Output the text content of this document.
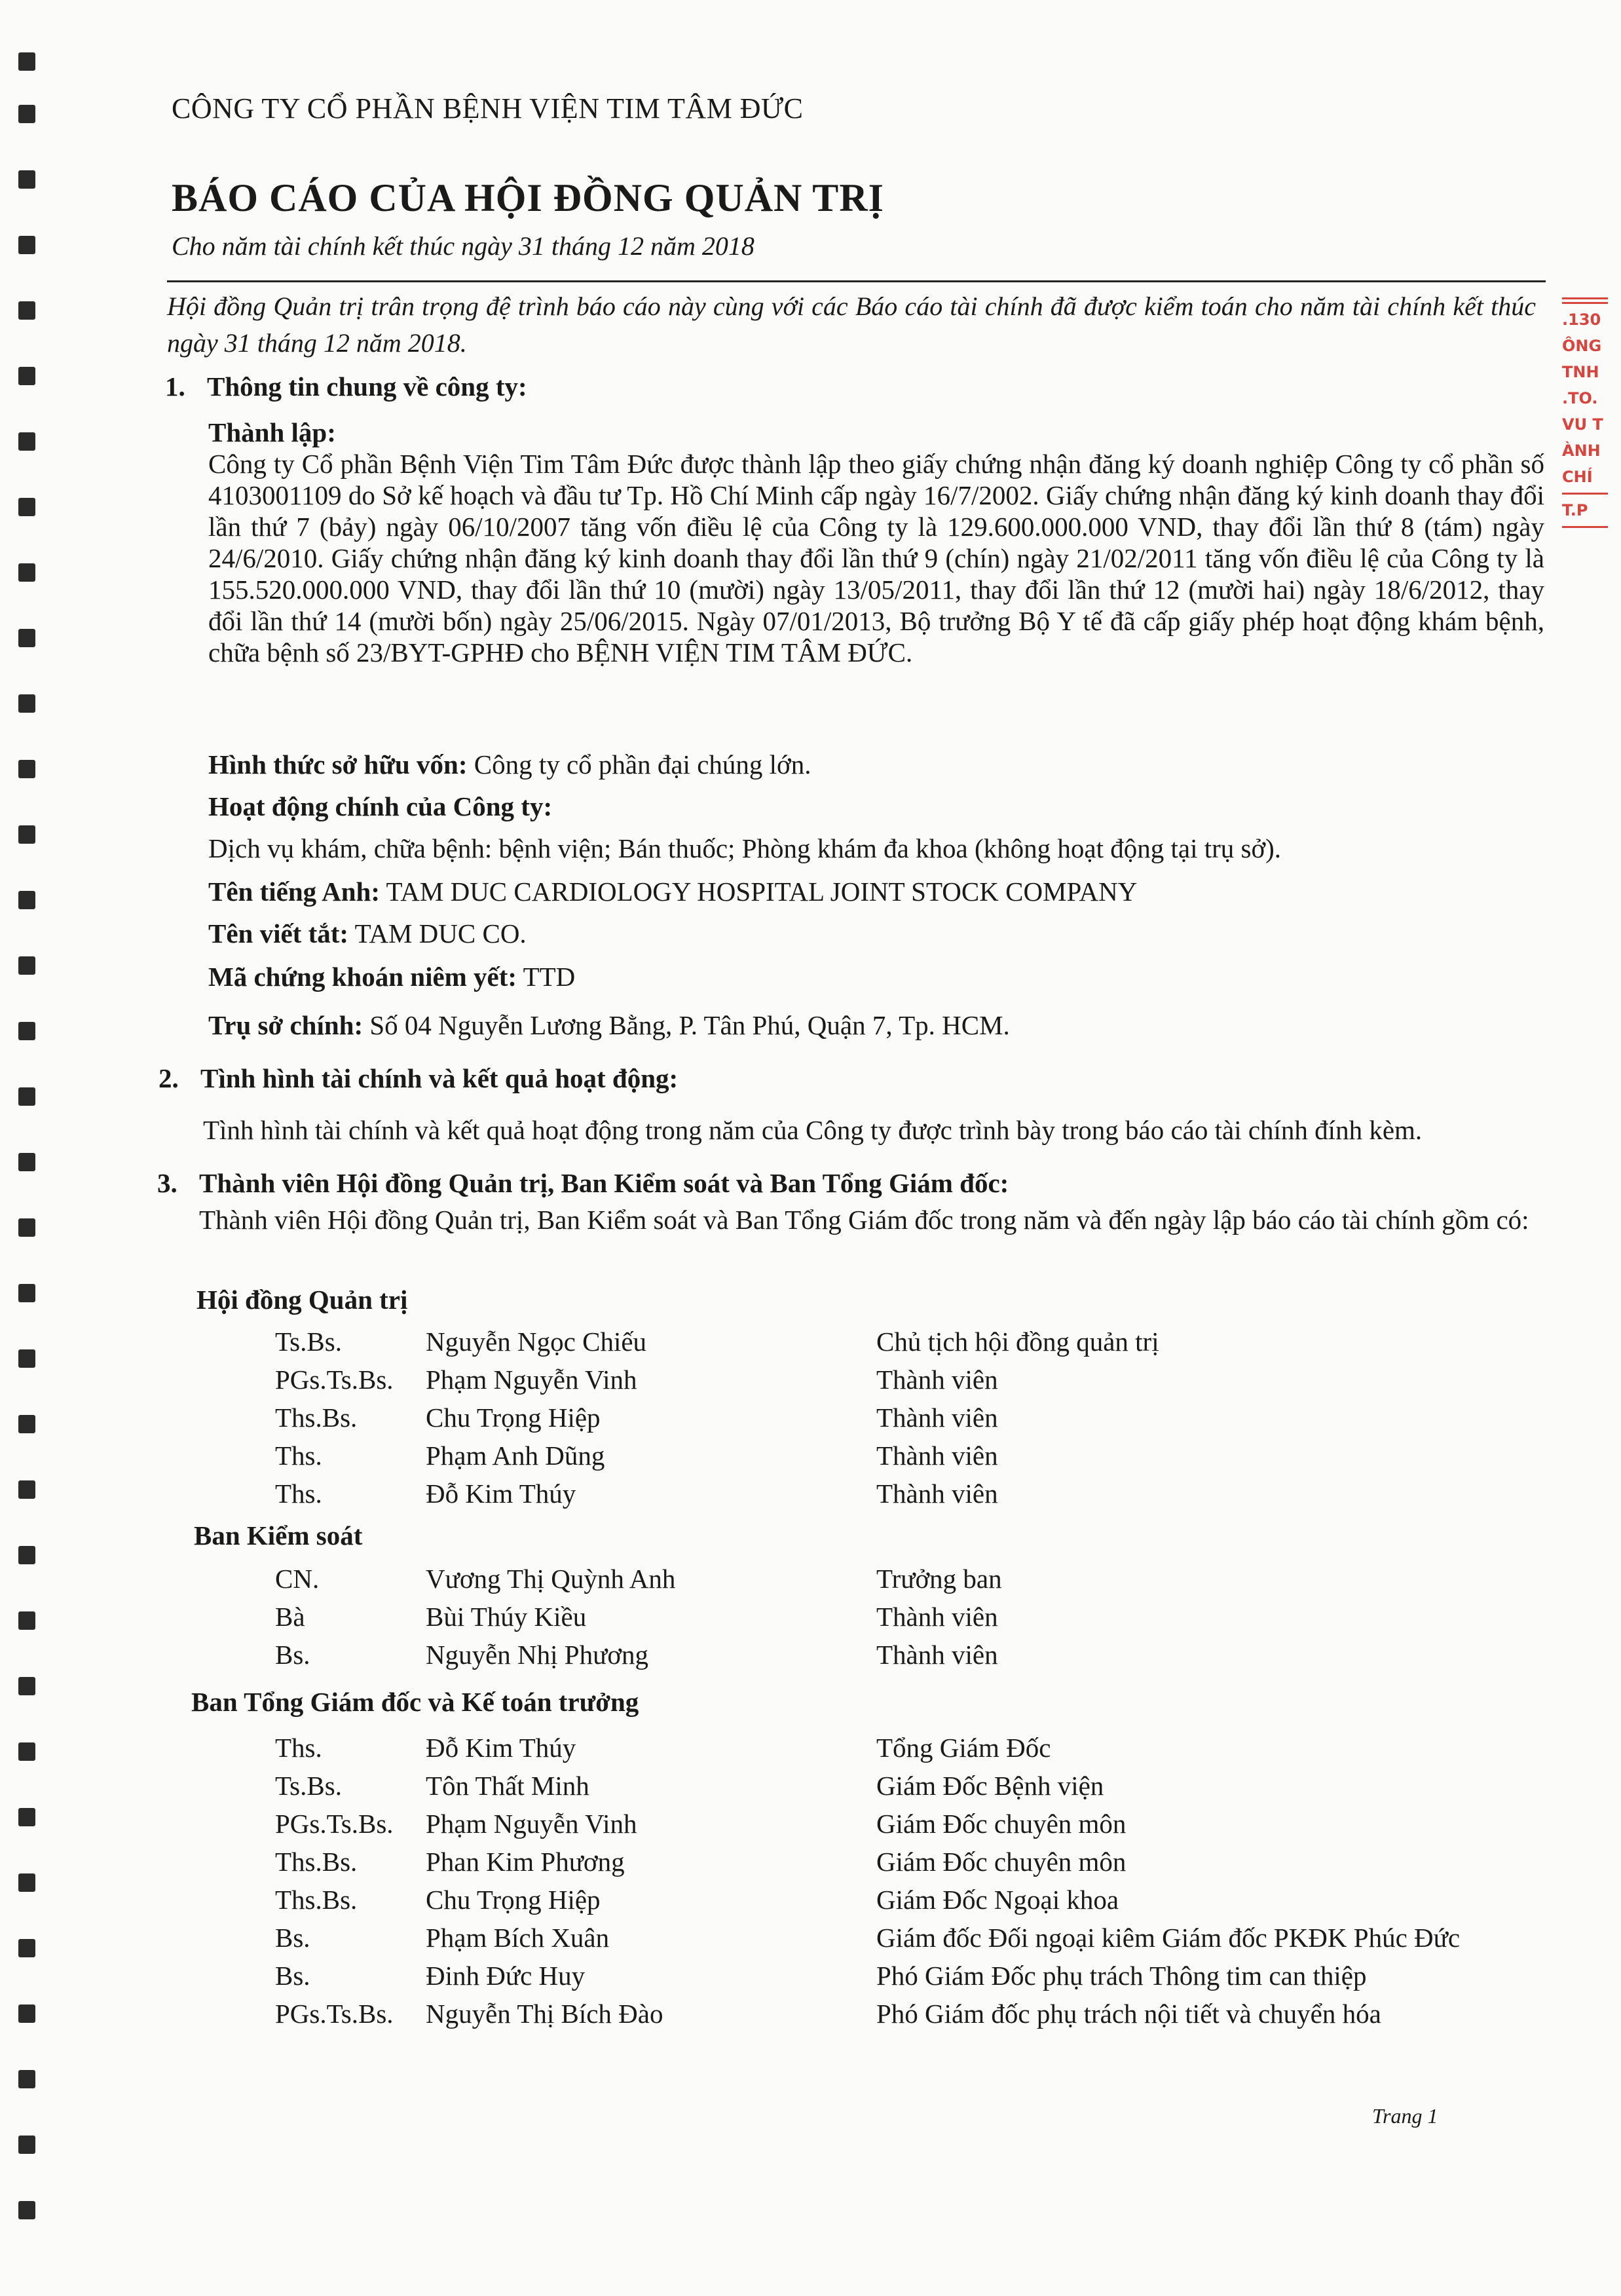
CÔNG TY CỔ PHẦN BỆNH VIỆN TIM TÂM ĐỨC
BÁO CÁO CỦA HỘI ĐỒNG QUẢN TRỊ
Cho năm tài chính kết thúc ngày 31 tháng 12 năm 2018
Hội đồng Quản trị trân trọng đệ trình báo cáo này cùng với các Báo cáo tài chính đã được kiểm toán cho năm tài chính kết thúc ngày 31 tháng 12 năm 2018.
.130
ÔNG
TNH
.TO.
VU T
ÀNH
CHÍ
T.P
1. Thông tin chung về công ty:
Thành lập:
Công ty Cổ phần Bệnh Viện Tim Tâm Đức được thành lập theo giấy chứng nhận đăng ký doanh nghiệp Công ty cổ phần số 4103001109 do Sở kế hoạch và đầu tư Tp. Hồ Chí Minh cấp ngày 16/7/2002. Giấy chứng nhận đăng ký kinh doanh thay đổi lần thứ 7 (bảy) ngày 06/10/2007 tăng vốn điều lệ của Công ty là 129.600.000.000 VND, thay đổi lần thứ 8 (tám) ngày 24/6/2010. Giấy chứng nhận đăng ký kinh doanh thay đổi lần thứ 9 (chín) ngày 21/02/2011 tăng vốn điều lệ của Công ty là 155.520.000.000 VND, thay đổi lần thứ 10 (mười) ngày 13/05/2011, thay đổi lần thứ 12 (mười hai) ngày 18/6/2012, thay đổi lần thứ 14 (mười bốn) ngày 25/06/2015. Ngày 07/01/2013, Bộ trưởng Bộ Y tế đã cấp giấy phép hoạt động khám bệnh, chữa bệnh số 23/BYT-GPHĐ cho BỆNH VIỆN TIM TÂM ĐỨC.
Hình thức sở hữu vốn: Công ty cổ phần đại chúng lớn.
Hoạt động chính của Công ty:
Dịch vụ khám, chữa bệnh: bệnh viện; Bán thuốc; Phòng khám đa khoa (không hoạt động tại trụ sở).
Tên tiếng Anh: TAM DUC CARDIOLOGY HOSPITAL JOINT STOCK COMPANY
Tên viết tắt: TAM DUC CO.
Mã chứng khoán niêm yết: TTD
Trụ sở chính: Số 04 Nguyễn Lương Bằng, P. Tân Phú, Quận 7, Tp. HCM.
2. Tình hình tài chính và kết quả hoạt động:
Tình hình tài chính và kết quả hoạt động trong năm của Công ty được trình bày trong báo cáo tài chính đính kèm.
3. Thành viên Hội đồng Quản trị, Ban Kiểm soát và Ban Tổng Giám đốc:
Thành viên Hội đồng Quản trị, Ban Kiểm soát và Ban Tổng Giám đốc trong năm và đến ngày lập báo cáo tài chính gồm có:
Hội đồng Quản trị
Ts.Bs.	Nguyễn Ngọc Chiếu	Chủ tịch hội đồng quản trị
PGs.Ts.Bs. Phạm Nguyễn Vinh	Thành viên
Ths.Bs.	Chu Trọng Hiệp	Thành viên
Ths.	Phạm Anh Dũng	Thành viên
Ths.	Đỗ Kim Thúy	Thành viên
Ban Kiểm soát
CN.	Vương Thị Quỳnh Anh	Trưởng ban
Bà	Bùi Thúy Kiều	Thành viên
Bs.	Nguyễn Nhị Phương	Thành viên
Ban Tổng Giám đốc và Kế toán trưởng
Ths.	Đỗ Kim Thúy	Tổng Giám Đốc
Ts.Bs.	Tôn Thất Minh	Giám Đốc Bệnh viện
PGs.Ts.Bs. Phạm Nguyễn Vinh	Giám Đốc chuyên môn
Ths.Bs.	Phan Kim Phương	Giám Đốc chuyên môn
Ths.Bs.	Chu Trọng Hiệp	Giám Đốc Ngoại khoa
Bs.	Phạm Bích Xuân	Giám đốc Đối ngoại kiêm Giám đốc PKĐK Phúc Đức
Bs.	Đinh Đức Huy	Phó Giám Đốc phụ trách Thông tim can thiệp
PGs.Ts.Bs. Nguyễn Thị Bích Đào	Phó Giám đốc phụ trách nội tiết và chuyển hóa
Trang 1
